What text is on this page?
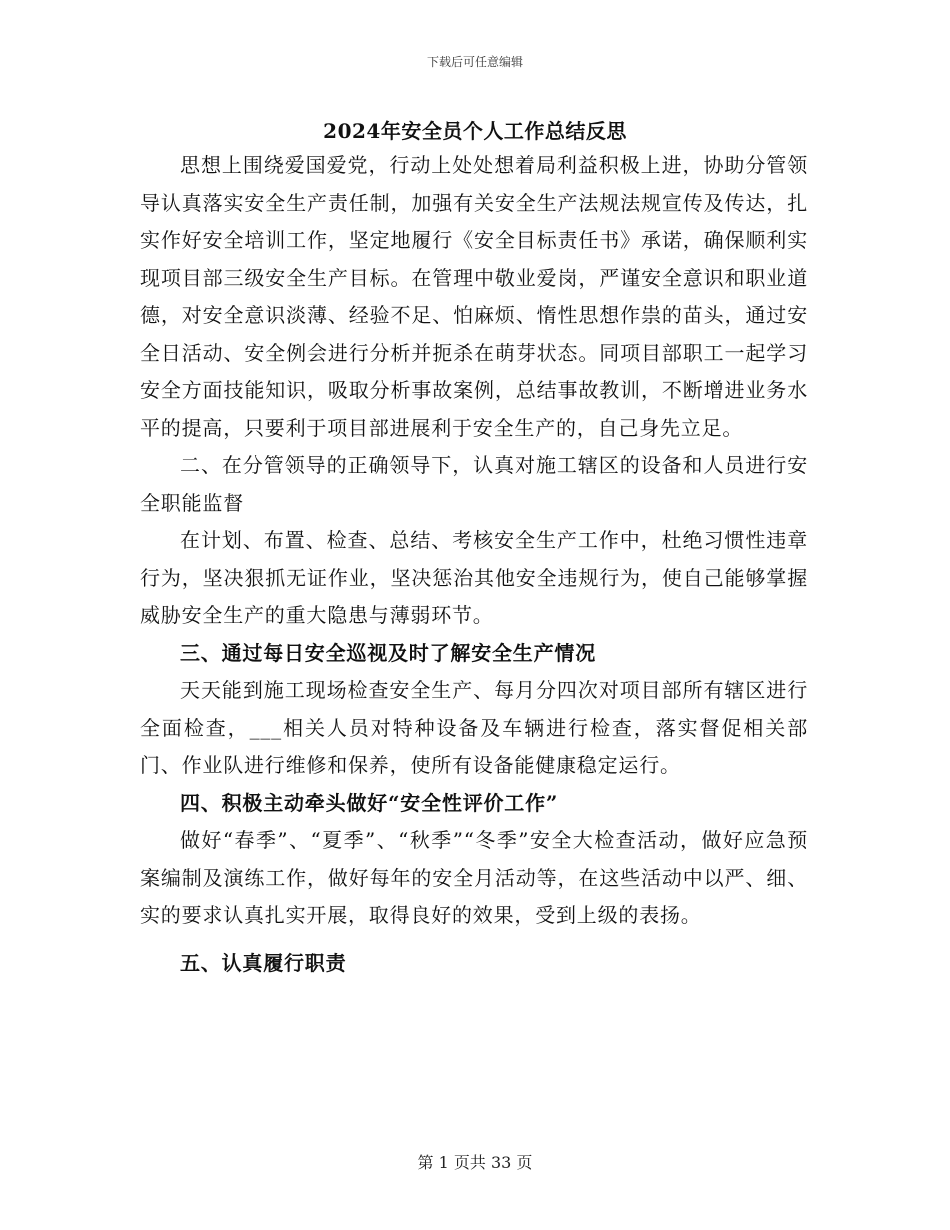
下载后可任意编辑
2024年安全员个人工作总结反思

思想上围绕爱国爱党，行动上处处想着局利益积极上进，协助分管领导认真落实安全生产责任制，加强有关安全生产法规法规宣传及传达，扎实作好安全培训工作，坚定地履行《安全目标责任书》承诺，确保顺利实现项目部三级安全生产目标。在管理中敬业爱岗，严谨安全意识和职业道德，对安全意识淡薄、经验不足、怕麻烦、惰性思想作祟的苗头，通过安全日活动、安全例会进行分析并扼杀在萌芽状态。同项目部职工一起学习安全方面技能知识，吸取分析事故案例，总结事故教训，不断增进业务水平的提高，只要利于项目部进展利于安全生产的，自己身先立足。

二、在分管领导的正确领导下，认真对施工辖区的设备和人员进行安全职能监督

在计划、布置、检查、总结、考核安全生产工作中，杜绝习惯性违章行为，坚决狠抓无证作业，坚决惩治其他安全违规行为，使自己能够掌握威胁安全生产的重大隐患与薄弱环节。

三、通过每日安全巡视及时了解安全生产情况

天天能到施工现场检查安全生产、每月分四次对项目部所有辖区进行全面检查，___相关人员对特种设备及车辆进行检查，落实督促相关部门、作业队进行维修和保养，使所有设备能健康稳定运行。

四、积极主动牵头做好“安全性评价工作”

做好“春季”、“夏季”、“秋季”“冬季”安全大检查活动，做好应急预案编制及演练工作，做好每年的安全月活动等，在这些活动中以严、细、实的要求认真扎实开展，取得良好的效果，受到上级的表扬。

五、认真履行职责

第 1 页共 33 页
